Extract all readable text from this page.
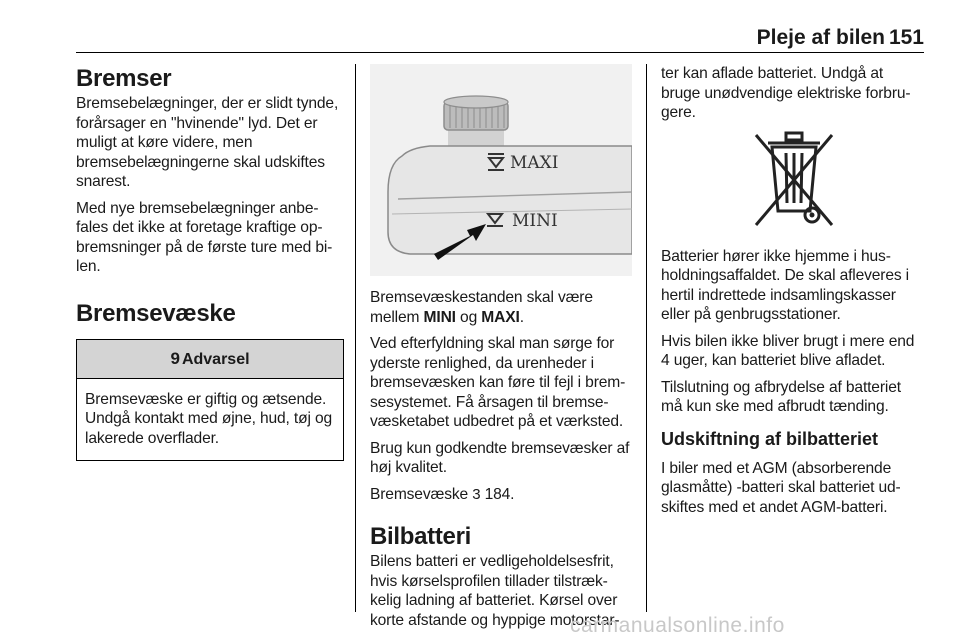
Pleje af bilen 151
Bremser

Bremsebelægninger, der er slidt tynde, forårsager en "hvinende" lyd. Det er muligt at køre videre, men bremsebelægningerne skal udskiftes snarest.

Med nye bremsebelægninger anbefales det ikke at foretage kraftige opbremsninger på de første ture med bilen.

Bremsevæske
9 Advarsel

Bremsevæske er giftig og ætsende. Undgå kontakt med øjne, hud, tøj og lakerede overflader.

MAXI
MINI

Bremsevæskestanden skal være mellem MINI og MAXI.

Ved efterfyldning skal man sørge for yderste renlighed, da urenheder i bremsevæsken kan føre til fejl i bremsesystemet. Få årsagen til bremsevæsketabet udbedret på et værksted.

Brug kun godkendte bremsevæsker af høj kvalitet.

Bremsevæske 3 184.

Bilbatteri

Bilens batteri er vedligeholdelsesfrit, hvis kørselsprofilen tillader tilstrækkelig ladning af batteriet. Kørsel over korte afstande og hyppige motorstar-

ter kan aflade batteriet. Undgå at bruge unødvendige elektriske forbrugere.

Batterier hører ikke hjemme i husholdningsaffaldet. De skal afleveres i hertil indrettede indsamlingskasser eller på genbrugsstationer.

Hvis bilen ikke bliver brugt i mere end 4 uger, kan batteriet blive afladet.

Tilslutning og afbrydelse af batteriet må kun ske med afbrudt tænding.

Udskiftning af bilbatteriet

I biler med et AGM (absorberende glasmåtte) -batteri skal batteriet udskiftes med et andet AGM-batteri.

carmanualsonline.info
